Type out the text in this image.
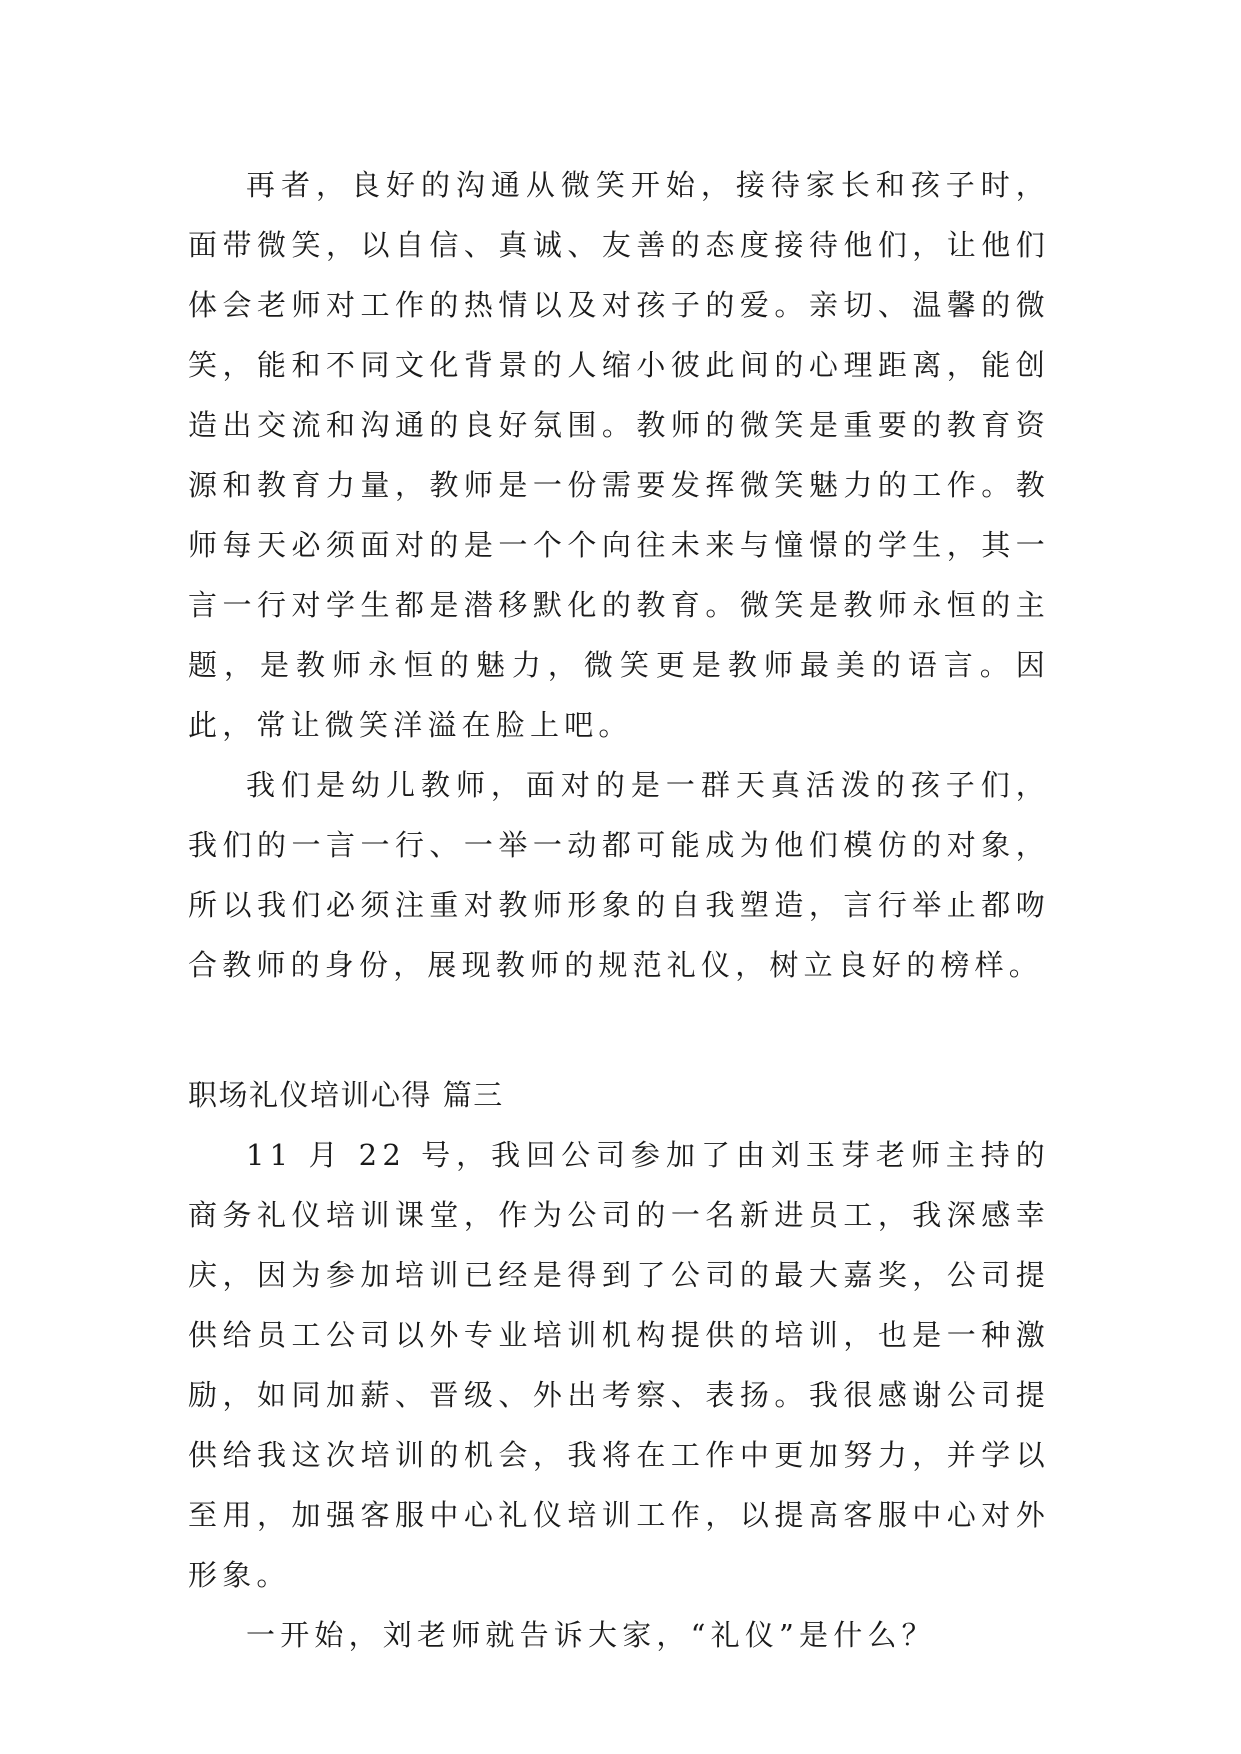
再者，良好的沟通从微笑开始，接待家长和孩子时，面带微笑，以自信、真诚、友善的态度接待他们，让他们体会老师对工作的热情以及对孩子的爱。亲切、温馨的微笑，能和不同文化背景的人缩小彼此间的心理距离，能创造出交流和沟通的良好氛围。教师的微笑是重要的教育资源和教育力量，教师是一份需要发挥微笑魅力的工作。教师每天必须面对的是一个个向往未来与憧憬的学生，其一言一行对学生都是潜移默化的教育。微笑是教师永恒的主题，是教师永恒的魅力，微笑更是教师最美的语言。因此，常让微笑洋溢在脸上吧。

我们是幼儿教师，面对的是一群天真活泼的孩子们，我们的一言一行、一举一动都可能成为他们模仿的对象，所以我们必须注重对教师形象的自我塑造，言行举止都吻合教师的身份，展现教师的规范礼仪，树立良好的榜样。

职场礼仪培训心得 篇三

11 月 22 号，我回公司参加了由刘玉芽老师主持的商务礼仪培训课堂，作为公司的一名新进员工，我深感幸庆，因为参加培训已经是得到了公司的最大嘉奖，公司提供给员工公司以外专业培训机构提供的培训，也是一种激励，如同加薪、晋级、外出考察、表扬。我很感谢公司提供给我这次培训的机会，我将在工作中更加努力，并学以至用，加强客服中心礼仪培训工作，以提高客服中心对外形象。

一开始，刘老师就告诉大家，“礼仪”是什么？
